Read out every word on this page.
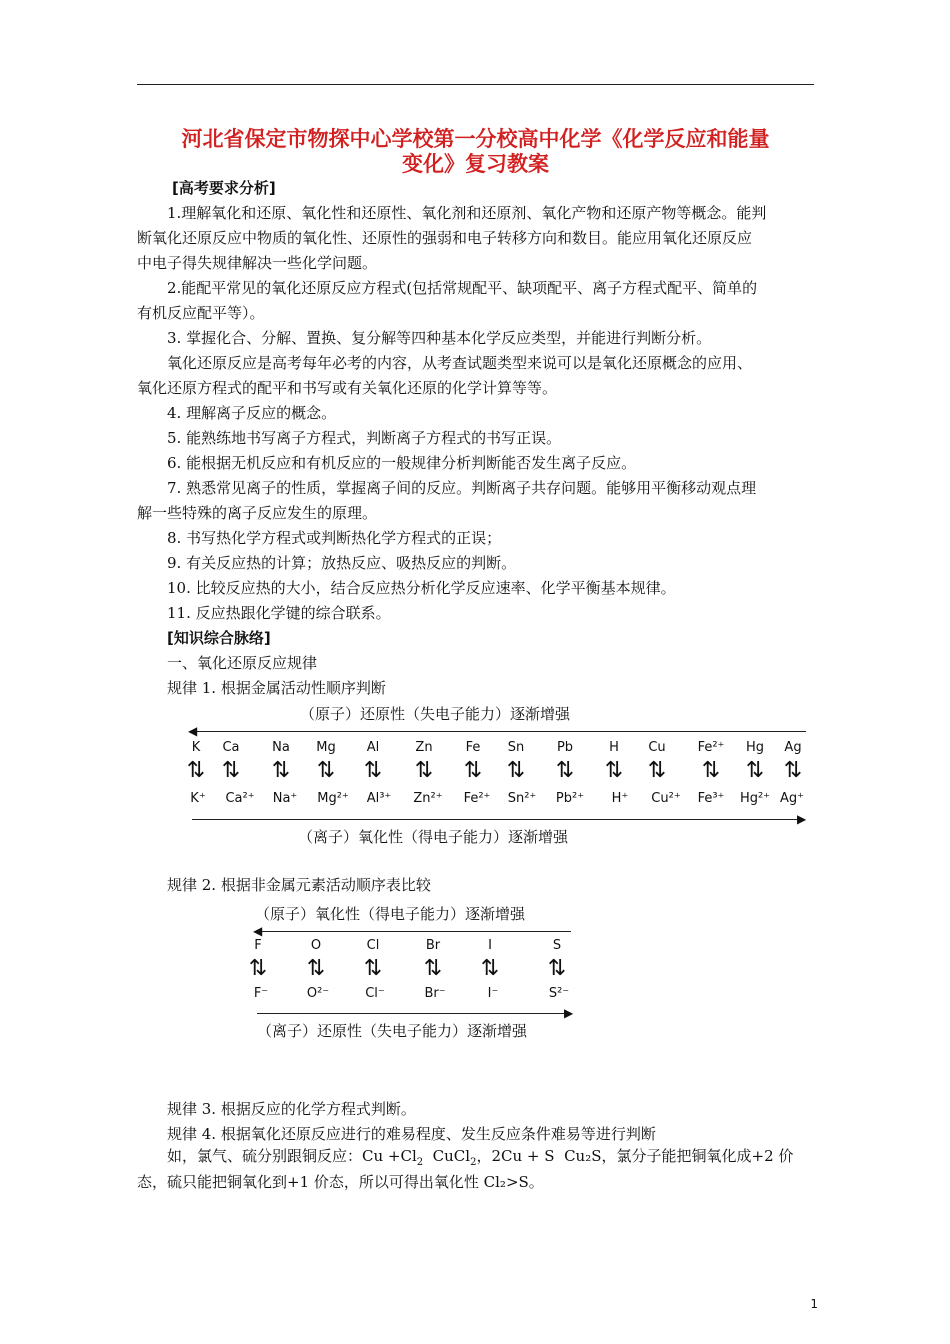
河北省保定市物探中心学校第一分校高中化学《化学反应和能量
变化》复习教案

[高考要求分析]

1.理解氧化和还原、氧化性和还原性、氧化剂和还原剂、氧化产物和还原产物等概念。能判

断氧化还原反应中物质的氧化性、还原性的强弱和电子转移方向和数目。能应用氧化还原反应

中电子得失规律解决一些化学问题。

2.能配平常见的氧化还原反应方程式(包括常规配平、缺项配平、离子方程式配平、简单的

有机反应配平等）。

3. 掌握化合、分解、置换、复分解等四种基本化学反应类型，并能进行判断分析。

氧化还原反应是高考每年必考的内容，从考查试题类型来说可以是氧化还原概念的应用、

氧化还原方程式的配平和书写或有关氧化还原的化学计算等等。

4. 理解离子反应的概念。

5. 能熟练地书写离子方程式，判断离子方程式的书写正误。

6. 能根据无机反应和有机反应的一般规律分析判断能否发生离子反应。

7. 熟悉常见离子的性质，掌握离子间的反应。判断离子共存问题。能够用平衡移动观点理

解一些特殊的离子反应发生的原理。

8. 书写热化学方程式或判断热化学方程式的正误；

9. 有关反应热的计算；放热反应、吸热反应的判断。

10. 比较反应热的大小，结合反应热分析化学反应速率、化学平衡基本规律。

11. 反应热跟化学键的综合联系。

[知识综合脉络]

一、氧化还原反应规律

规律 1. 根据金属活动性顺序判断

（原子）还原性（失电子能力）逐渐增强
◀
K Ca	Na Mg Al	Zn	Fe Sn	Pb	H Cu Fe²⁺ Hg Ag
⇅ ⇅ ⇅ ⇅ ⇅ ⇅ ⇅ ⇅ ⇅ ⇅ ⇅ ⇅ ⇅ ⇅
K⁺ Ca²⁺ Na⁺ Mg²⁺ Al³⁺ Zn²⁺ Fe²⁺ Sn²⁺ Pb²⁺ H⁺ Cu²⁺ Fe³⁺ Hg²⁺ Ag⁺
▶
（离子）氧化性（得电子能力）逐渐增强

规律 2. 根据非金属元素活动顺序表比较

（原子）氧化性（得电子能力）逐渐增强
◀
F	O	Cl	Br	I	S
⇅ ⇅ ⇅ ⇅ ⇅ ⇅
F⁻	O²⁻	Cl⁻	Br⁻	I⁻	S²⁻
▶
（离子）还原性（失电子能力）逐渐增强

规律 3. 根据反应的化学方程式判断。

规律 4. 根据氧化还原反应进行的难易程度、发生反应条件难易等进行判断

如，氯气、硫分别跟铜反应：$Cu +Cl_2$ CuCl$_2$，2Cu + S Cu₂S，氯分子能把铜氧化成+2 价

态，硫只能把铜氧化到+1 价态，所以可得出氧化性 Cl₂>S。

1
